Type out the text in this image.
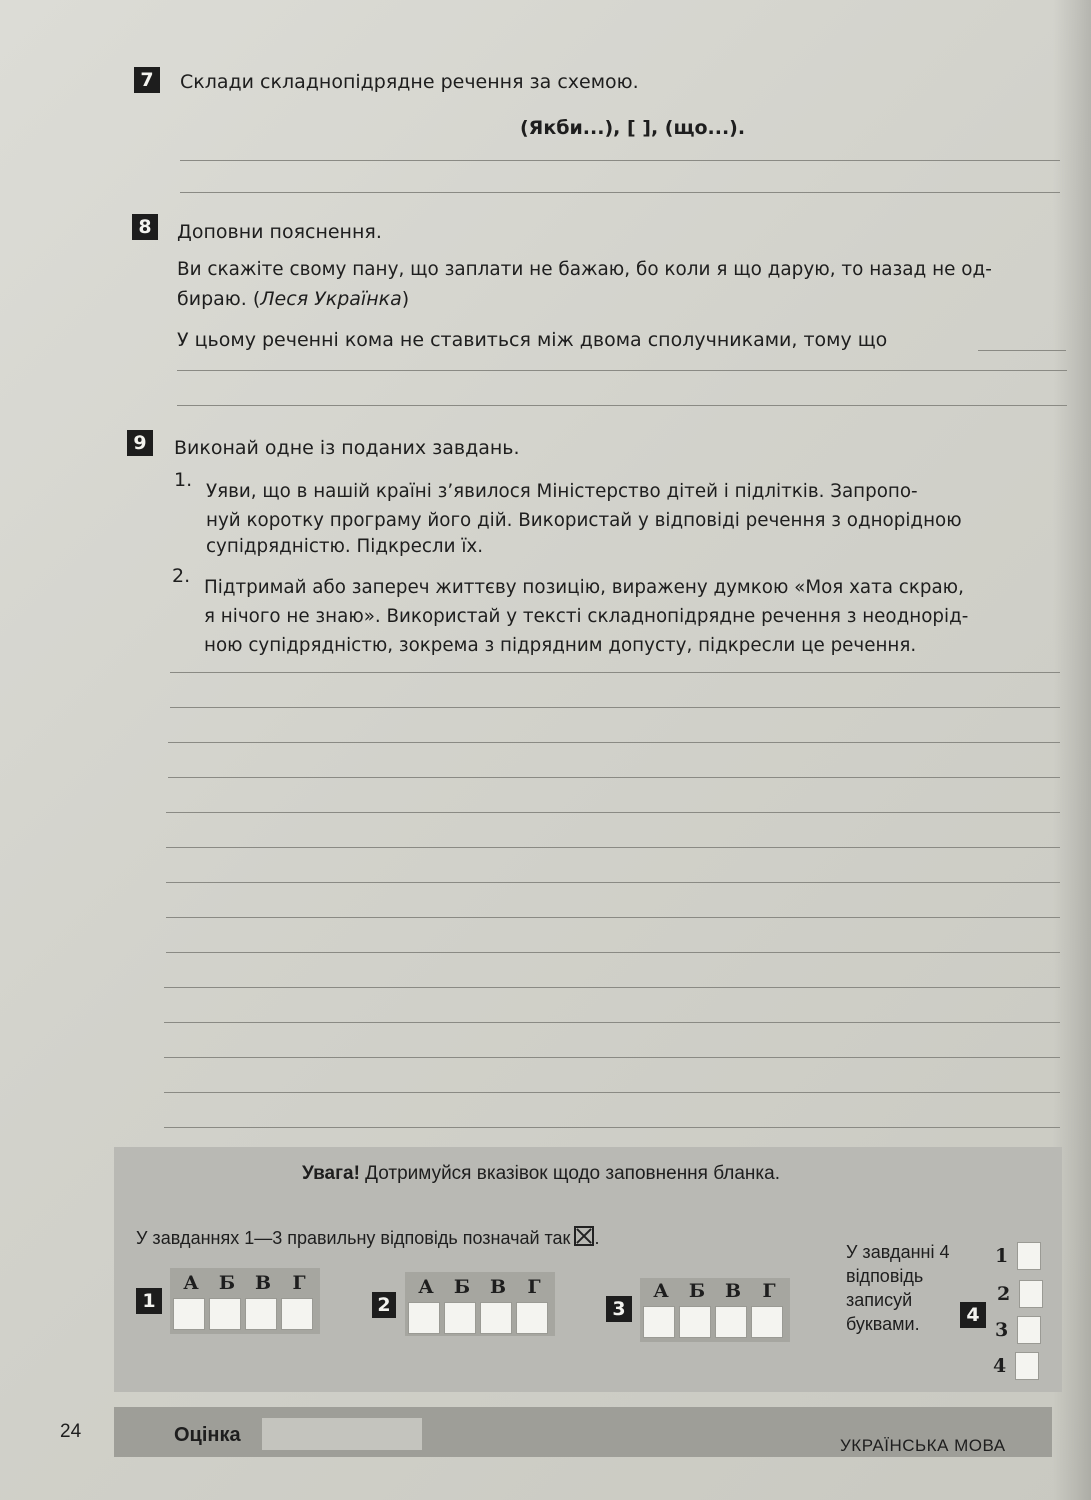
7	Склади складнопідрядне речення за схемою.
(Якби...), [ ], (що...).
8	Доповни пояснення.
Ви скажіте свому пану, що заплати не бажаю, бо коли я що дарую, то назад не од-
бираю. (Леся Українка)
У цьому реченні кома не ставиться між двома сполучниками, тому що
9	Виконай одне із поданих завдань.
1.
Уяви, що в нашій країні з’явилося Міністерство дітей і підлітків. Запропо-
нуй коротку програму його дій. Використай у відповіді речення з однорідною
супідрядністю. Підкресли їх.
2.
Підтримай або запереч життєву позицію, виражену думкою «Моя хата скраю,
я нічого не знаю». Використай у тексті складнопідрядне речення з неоднорід-
ною супідрядністю, зокрема з підрядним допусту, підкресли це речення.
Увага! Дотримуйся вказівок щодо заповнення бланка.
У завданнях 1—3 правильну відповідь позначай так .
1
А	Б	В	Г
2
А	Б	В	Г
3
А	Б	В	Г
У завданні 4
відповідь
записуй
буквами.	4
1
2
3
4
24	Оцінка	УКРАЇНСЬКА МОВА
